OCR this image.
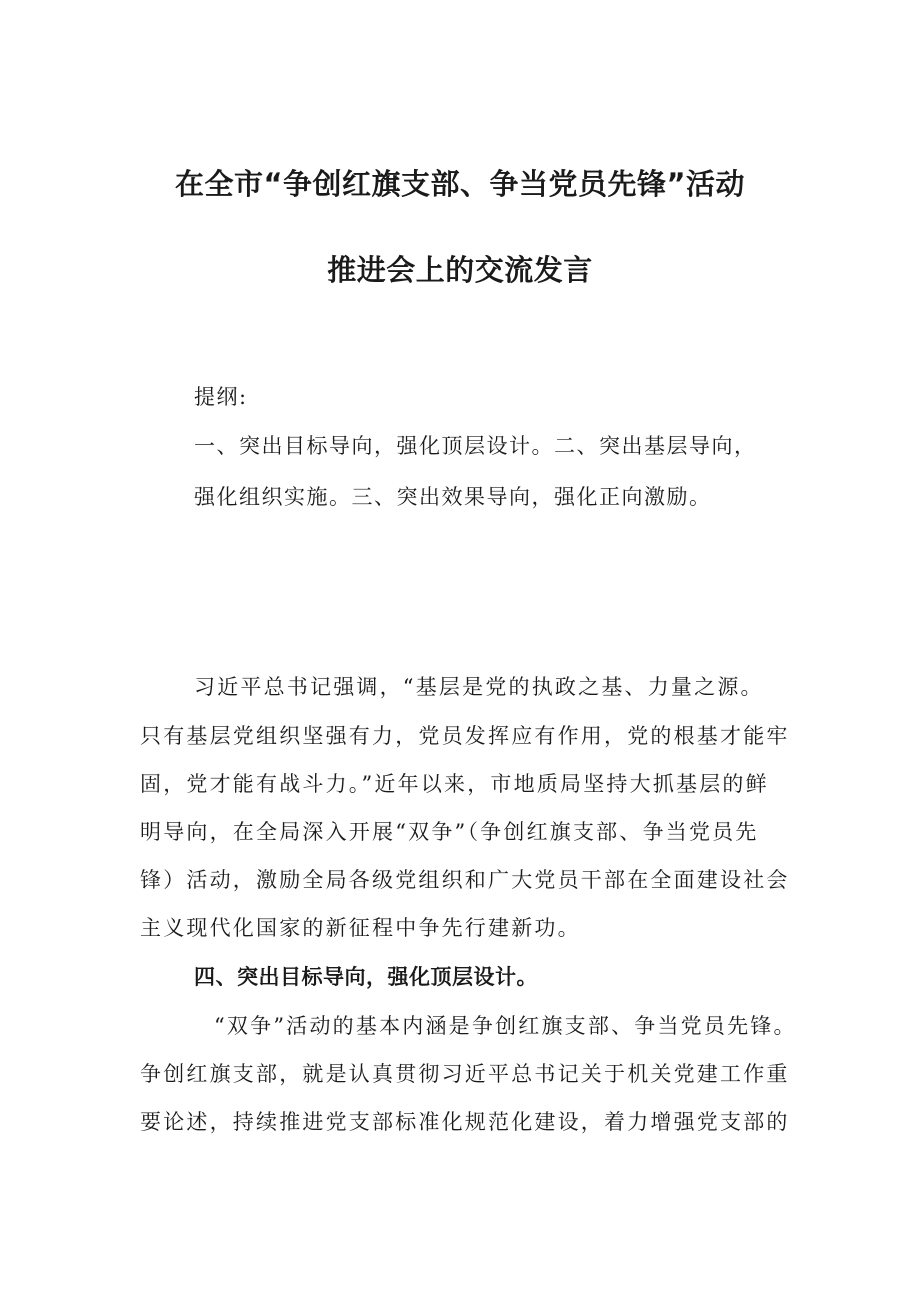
在全市“争创红旗支部、争当党员先锋”活动
推进会上的交流发言
提纲:
一、突出目标导向，强化顶层设计。二、突出基层导向，
强化组织实施。三、突出效果导向，强化正向激励。
习近平总书记强调，“基层是党的执政之基、力量之源。
只有基层党组织坚强有力，党员发挥应有作用，党的根基才能牢
固，党才能有战斗力。”近年以来，市地质局坚持大抓基层的鲜
明导向，在全局深入开展“双争”（争创红旗支部、争当党员先
锋）活动，激励全局各级党组织和广大党员干部在全面建设社会
主义现代化国家的新征程中争先行建新功。
四、突出目标导向，强化顶层设计。
“双争”活动的基本内涵是争创红旗支部、争当党员先锋。
争创红旗支部，就是认真贯彻习近平总书记关于机关党建工作重
要论述，持续推进党支部标准化规范化建设，着力增强党支部的
